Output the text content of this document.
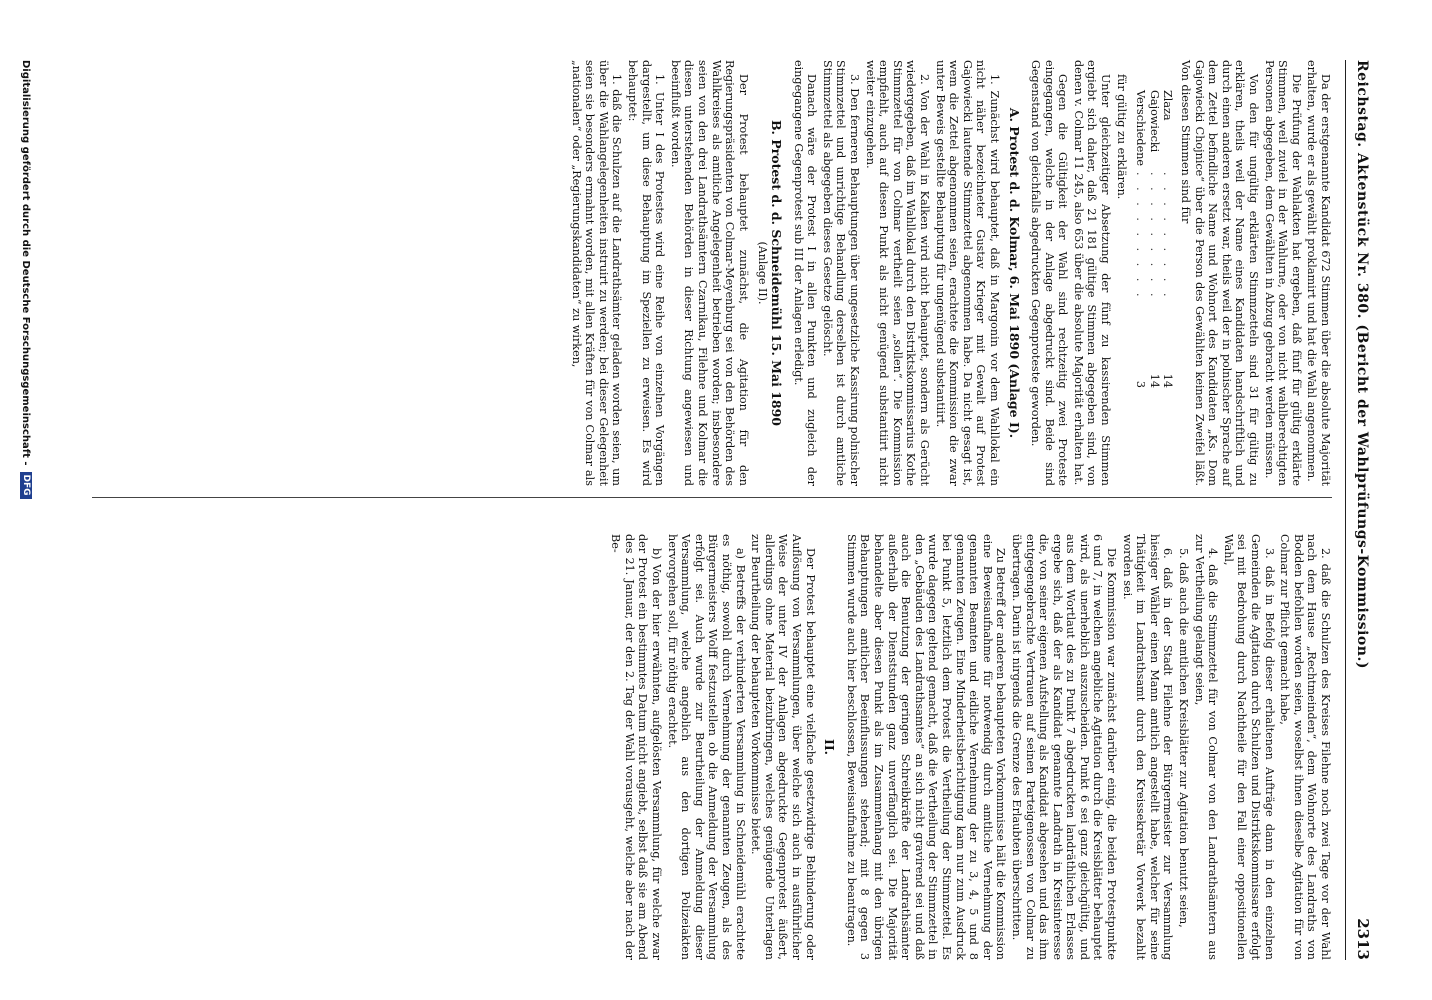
Reichstag. Aktenstück Nr. 380. (Bericht der Wahlprüfungs-Kommission.)
2313

Da der erstgenannte Kandidat 672 Stimmen über die absolute Majorität erhalten, wurde er als gewählt proklamirt und hat die Wahl angenommen.

Die Prüfung der Wahlakten hat ergeben, daß fünf für gültig erklärte Stimmen, weil zuviel in der Wahlurne, oder von nicht wahlberechtigten Personen abgegeben, dem Gewählten in Abzug gebracht werden müssen.

Von den für ungültig erklärten Stimmzetteln sind 31 für gültig zu erklären, theils weil der Name eines Kandidaten handschriftlich und durch einen anderen ersetzt war, theils weil der in polnischer Sprache auf dem Zettel befindliche Name und Wohnort des Kandidaten „Ks. Dom Gajowiecki Chojnice“ über die Person des Gewählten keinen Zweifel läßt. Von diesen Stimmen sind für

Zlaza	. . . . . . . . .	14
Gajowiecki	. . . . . . . . .	14
Verschiedene	. . . . . . . . .	3

für gültig zu erklären.

Unter gleichzeitiger Absetzung der fünf zu kassirenden Stimmen ergiebt sich daher, daß 21 181 gültige Stimmen abgegeben sind, von denen v. Colmar 11 245, also 653 über die absolute Majorität erhalten hat.

Gegen die Gültigkeit der Wahl sind rechtzeitig zwei Proteste eingegangen, welche in der Anlage abgedruckt sind. Beide sind Gegenstand von gleichfalls abgedruckten Gegenproteste geworden.

A. Protest d. d. Kolmar, 6. Mai 1890 (Anlage I).

1. Zunächst wird behauptet, daß in Margonin vor dem Wahllokal ein nicht näher bezeichneter Gustav Krieger mit Gewalt auf Protest Gajowiecki lautende Stimmzettel abgenommen habe. Da nicht gesagt ist, wem die Zettel abgenommen seien, erachtete die Kommission die zwar unter Beweis gestellte Behauptung für ungenügend substantiirt.

2. Von der Wahl in Kalken wird nicht behauptet, sondern als Gerücht wiedergegeben, daß im Wahllokal durch den Distriktskommissarius Kothe Stimmzettel für von Colmar vertheilt seien „sollen“. Die Kommission empfiehlt, auch auf diesen Punkt als nicht genügend substantiirt nicht weiter einzugehen.

3. Den ferneren Behauptungen über ungesetzliche Kassirung polnischer Stimmzettel und unrichtige Behandlung derselben ist durch amtliche Stimmzettel als abgegeben dieses Gesetze gelöscht.

Danach wäre der Protest I in allen Punkten und zugleich der eingegangene Gegenprotest sub III der Anlagen erledigt.

B. Protest d. d. Schneidemühl 15. Mai 1890
(Anlage II).

Der Protest behauptet zunächst, die Agitation für den Regierungspräsidenten von Colmar-Meyenburg sei von den Behörden des Wahlkreises als amtliche Angelegenheit betrieben worden; insbesondere seien von den drei Landrathsämtern Czarnikau, Filehne und Kolmar die diesen unterstehenden Behörden in dieser Richtung angewiesen und beeinflußt worden.

1. Unter I des Protestes wird eine Reihe von einzelnen Vorgängen dargestellt, um diese Behauptung im Speziellen zu erweisen. Es wird behauptet:

1. daß die Schulzen auf die Landrathsämter geladen worden seien, um über die Wahlangelegenheiten instruirt zu werden; bei dieser Gelegenheit seien sie besonders ermahnt worden, mit allen Kräften für von Colmar als „nationalen“ oder „Regierungskandidaten“ zu wirken,

2. daß die Schulzen des Kreises Filehne noch zwei Tage vor der Wahl nach dem Hause „Rechtmeinden“, dem Wohnorte des Landraths von Bodden befohlen worden seien, woselbst ihnen dieselbe Agitation für von Colmar zur Pflicht gemacht habe,

3. daß in Befolg dieser erhaltenen Aufträge dann in den einzelnen Gemeinden die Agitation durch Schulzen und Distriktskommissare erfolgt sei mit Bedrohung durch Nachtheile für den Fall einer oppositionellen Wahl,

4. daß die Stimmzettel für von Colmar von den Landrathsämtern aus zur Vertheilung gelangt seien,

5. daß auch die amtlichen Kreisblätter zur Agitation benutzt seien,

6. daß in der Stadt Filehne der Bürgermeister zur Versammlung hiesiger Wähler einen Mann amtlich angestellt habe, welcher für seine Thätigkeit im Landrathsamt durch den Kreissekretär Vorwerk bezahlt worden sei.

Die Kommission war zunächst darüber einig, die beiden Protestpunkte 6 und 7, in welchen angebliche Agitation durch die Kreisblätter behauptet wird, als unerheblich auszuscheiden. Punkt 6 sei ganz gleichgültig, und aus dem Wortlaut des zu Punkt 7 abgedruckten landräthlichen Erlasses ergebe sich, daß der als Kandidat genannte Landrath in Kreisinteresse die, von seiner eigenen Aufstellung als Kandidat abgesehen und das ihm entgegengebrachte Vertrauen auf seinen Parteigenossen von Colmar zu übertragen. Darin ist nirgends die Grenze des Erlaubten überschritten.

Zu Betreff der anderen behaupteten Vorkommnisse hält die Kommission eine Beweisaufnahme für notwendig durch amtliche Vernehmung der genannten Beamten und eidliche Vernehmung der zu 3, 4, 5 und 8 genannten Zeugen. Eine Minderheitsberichtigung kam nur zum Ausdruck bei Punkt 5, letztlich dem Protest die Vertheilung der Stimmzettel. Es wurde dagegen geltend gemacht, daß die Vertheilung der Stimmzettel in den „Gebäuden des Landrathsamtes“ an sich nicht gravirend sei und daß auch die Benutzung der geringen Schreibkräfte der Landrathsämter außerhalb der Dienststunden ganz unverfänglich sei. Die Majorität behandelte aber diesen Punkt als im Zusammenhang mit den übrigen Behauptungen amtlicher Beeinflussungen stehend; mit 8 gegen 3 Stimmen wurde auch hier beschlossen, Beweisaufnahme zu beantragen.

II.

Der Protest behauptet eine vielfache gesetzwidrige Behinderung oder Auflösung von Versammlungen, über welche sich auch in ausführlicher Weise der unter IV der Anlagen abgedruckte Gegenprotest äußert, allerdings ohne Material beizubringen, welches genügende Unterlagen zur Beurtheilung der behaupteten Vorkommnisse bietet.

a) Betreffs der verhinderten Versammlung in Schneidemühl erachtete es nöthig, sowohl durch Vernehmung der genannten Zeugen, als des Bürgermeisters Wolff festzustellen ob die Anmeldung der Versammlung erfolgt sei. Auch wurde zur Beurtheilung der Anmeldung dieser Versammlung, welche angeblich aus den dortigen Polizeiakten hervorgehen soll, für nöthig erachtet.

b) Von der hier erwähnten, aufgelösten Versammlung, für welche zwar der Protest ein bestimmtes Datum nicht angiebt, selbst daß sie am Abend des 21. Januar, der den 2. Tag der Wahl vorausgeht, welche aber nach der Be-

Digitalisierung gefördert durch die Deutsche Forschungsgemeinschaft -
DFG
